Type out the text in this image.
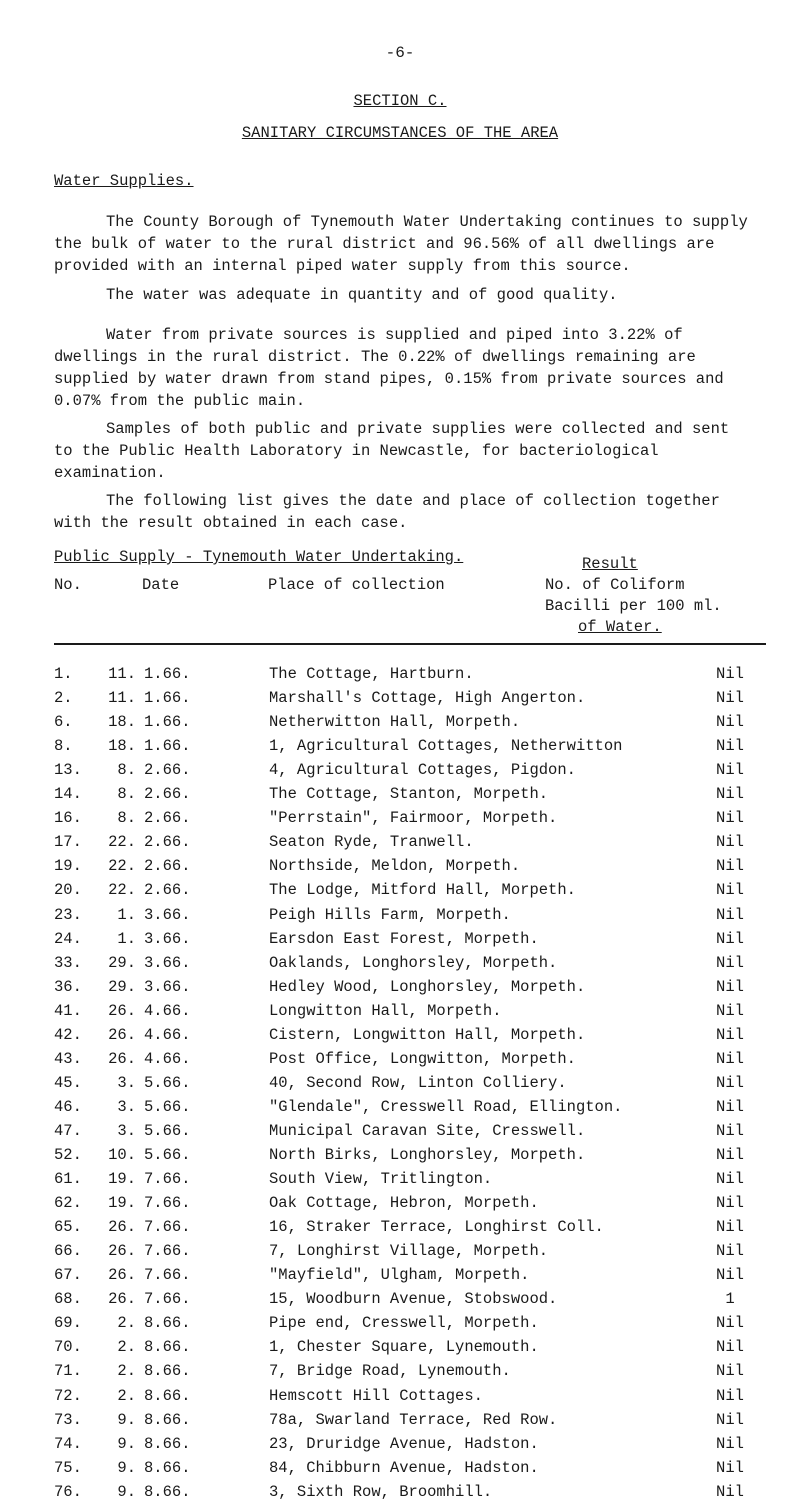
-6-
SECTION C.
SANITARY CIRCUMSTANCES OF THE AREA
Water Supplies.

The County Borough of Tynemouth Water Undertaking continues to supply the bulk of water to the rural district and 96.56% of all dwellings are provided with an internal piped water supply from this source.

The water was adequate in quantity and of good quality.

Water from private sources is supplied and piped into 3.22% of dwellings in the rural district. The 0.22% of dwellings remaining are supplied by water drawn from stand pipes, 0.15% from private sources and 0.07% from the public main.

Samples of both public and private supplies were collected and sent to the Public Health Laboratory in Newcastle, for bacteriological examination.

The following list gives the date and place of collection together with the result obtained in each case.

Public Supply - Tynemouth Water Undertaking.
No.	Date	Place of collection
Result
No. of Coliform
Bacilli per 100 ml.
of Water.
1.	11. 1.66.	The Cottage, Hartburn.	Nil
2.	11. 1.66.	Marshall's Cottage, High Angerton.	Nil
6.	18. 1.66.	Netherwitton Hall, Morpeth.	Nil
8.	18. 1.66.	1, Agricultural Cottages, Netherwitton	Nil
13.	8. 2.66.	4, Agricultural Cottages, Pigdon.	Nil
14.	8. 2.66.	The Cottage, Stanton, Morpeth.	Nil
16.	8. 2.66.	"Perrstain", Fairmoor, Morpeth.	Nil
17.	22. 2.66.	Seaton Ryde, Tranwell.	Nil
19.	22. 2.66.	Northside, Meldon, Morpeth.	Nil
20.	22. 2.66.	The Lodge, Mitford Hall, Morpeth.	Nil
23.	1. 3.66.	Peigh Hills Farm, Morpeth.	Nil
24.	1. 3.66.	Earsdon East Forest, Morpeth.	Nil
33.	29. 3.66.	Oaklands, Longhorsley, Morpeth.	Nil
36.	29. 3.66.	Hedley Wood, Longhorsley, Morpeth.	Nil
41.	26. 4.66.	Longwitton Hall, Morpeth.	Nil
42.	26. 4.66.	Cistern, Longwitton Hall, Morpeth.	Nil
43.	26. 4.66.	Post Office, Longwitton, Morpeth.	Nil
45.	3. 5.66.	40, Second Row, Linton Colliery.	Nil
46.	3. 5.66.	"Glendale", Cresswell Road, Ellington.	Nil
47.	3. 5.66.	Municipal Caravan Site, Cresswell.	Nil
52.	10. 5.66.	North Birks, Longhorsley, Morpeth.	Nil
61.	19. 7.66.	South View, Tritlington.	Nil
62.	19. 7.66.	Oak Cottage, Hebron, Morpeth.	Nil
65.	26. 7.66.	16, Straker Terrace, Longhirst Coll.	Nil
66.	26. 7.66.	7, Longhirst Village, Morpeth.	Nil
67.	26. 7.66.	"Mayfield", Ulgham, Morpeth.	Nil
68.	26. 7.66.	15, Woodburn Avenue, Stobswood.	1
69.	2. 8.66.	Pipe end, Cresswell, Morpeth.	Nil
70.	2. 8.66.	1, Chester Square, Lynemouth.	Nil
71.	2. 8.66.	7, Bridge Road, Lynemouth.	Nil
72.	2. 8.66.	Hemscott Hill Cottages.	Nil
73.	9. 8.66.	78a, Swarland Terrace, Red Row.	Nil
74.	9. 8.66.	23, Druridge Avenue, Hadston.	Nil
75.	9. 8.66.	84, Chibburn Avenue, Hadston.	Nil
76.	9. 8.66.	3, Sixth Row, Broomhill.	Nil
